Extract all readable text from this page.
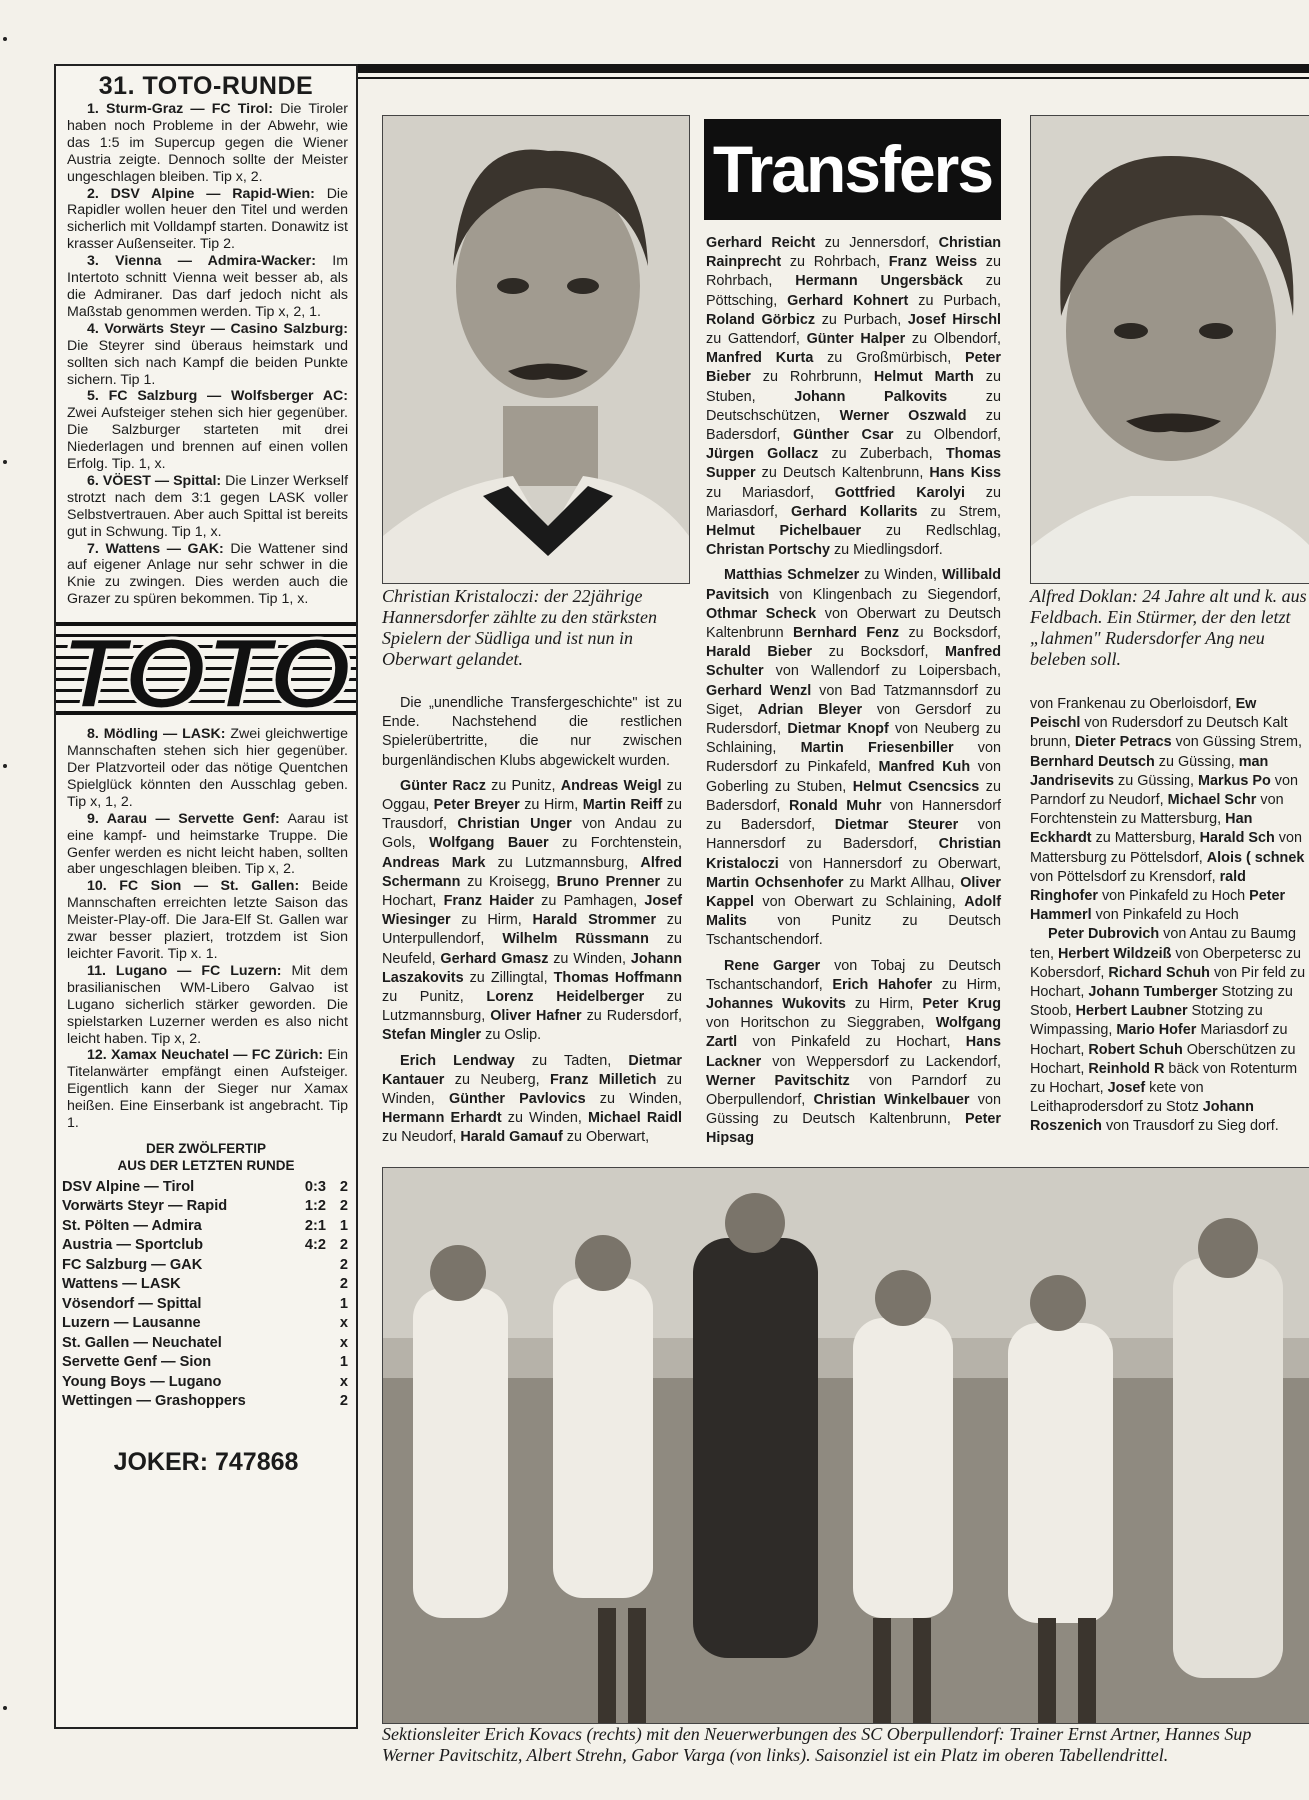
31. TOTO-RUNDE

1. Sturm-Graz — FC Tirol: Die Tiroler haben noch Probleme in der Abwehr, wie das 1:5 im Supercup gegen die Wiener Austria zeigte. Dennoch sollte der Meister ungeschlagen bleiben. Tip x, 2.

2. DSV Alpine — Rapid-Wien: Die Rapidler wollen heuer den Titel und werden sicherlich mit Volldampf starten. Donawitz ist krasser Außenseiter. Tip 2.

3. Vienna — Admira-Wacker: Im Intertoto schnitt Vienna weit besser ab, als die Admiraner. Das darf jedoch nicht als Maßstab genommen werden. Tip x, 2, 1.

4. Vorwärts Steyr — Casino Salzburg: Die Steyrer sind überaus heimstark und sollten sich nach Kampf die beiden Punkte sichern. Tip 1.

5. FC Salzburg — Wolfsberger AC: Zwei Aufsteiger stehen sich hier gegenüber. Die Salzburger starteten mit drei Niederlagen und brennen auf einen vollen Erfolg. Tip. 1, x.

6. VÖEST — Spittal: Die Linzer Werkself strotzt nach dem 3:1 gegen LASK voller Selbstvertrauen. Aber auch Spittal ist bereits gut in Schwung. Tip 1, x.

7. Wattens — GAK: Die Wattener sind auf eigener Anlage nur sehr schwer in die Knie zu zwingen. Dies werden auch die Grazer zu spüren bekommen. Tip 1, x.

TOTO

8. Mödling — LASK: Zwei gleichwertige Mannschaften stehen sich hier gegenüber. Der Platzvorteil oder das nötige Quentchen Spielglück könnten den Ausschlag geben. Tip x, 1, 2.

9. Aarau — Servette Genf: Aarau ist eine kampf- und heimstarke Truppe. Die Genfer werden es nicht leicht haben, sollten aber ungeschlagen bleiben. Tip x, 2.

10. FC Sion — St. Gallen: Beide Mannschaften erreichten letzte Saison das Meister-Play-off. Die Jara-Elf St. Gallen war zwar besser plaziert, trotzdem ist Sion leichter Favorit. Tip x. 1.

11. Lugano — FC Luzern: Mit dem brasilianischen WM-Libero Galvao ist Lugano sicherlich stärker geworden. Die spielstarken Luzerner werden es also nicht leicht haben. Tip x, 2.

12. Xamax Neuchatel — FC Zürich: Ein Titelanwärter empfängt einen Aufsteiger. Eigentlich kann der Sieger nur Xamax heißen. Eine Einserbank ist angebracht. Tip 1.

DER ZWÖLFERTIP
AUS DER LETZTEN RUNDE
DSV Alpine — Tirol	0:3	2
Vorwärts Steyr — Rapid	1:2	2
St. Pölten — Admira	2:1	1
Austria — Sportclub	4:2	2
FC Salzburg — GAK		2
Wattens — LASK		2
Vösendorf — Spittal		1
Luzern — Lausanne		x
St. Gallen — Neuchatel		x
Servette Genf — Sion		1
Young Boys — Lugano		x
Wettingen — Grashoppers		2
JOKER: 747868
Transfers
Christian Kristaloczi: der 22jährige Hannersdorfer zählte zu den stärksten Spielern der Südliga und ist nun in Oberwart gelandet.
Alfred Doklan: 24 Jahre alt und k. aus Feldbach. Ein Stürmer, der den letzt „lahmen" Rudersdorfer Ang neu beleben soll.

Die „unendliche Transfergeschichte" ist zu Ende. Nachstehend die restlichen Spielerübertritte, die nur zwischen burgenländischen Klubs abgewickelt wurden.

Günter Racz zu Punitz, Andreas Weigl zu Oggau, Peter Breyer zu Hirm, Martin Reiff zu Trausdorf, Christian Unger von Andau zu Gols, Wolfgang Bauer zu Forchtenstein, Andreas Mark zu Lutzmannsburg, Alfred Schermann zu Kroisegg, Bruno Prenner zu Hochart, Franz Haider zu Pamhagen, Josef Wiesinger zu Hirm, Harald Strommer zu Unterpullendorf, Wilhelm Rüssmann zu Neufeld, Gerhard Gmasz zu Winden, Johann Laszakovits zu Zillingtal, Thomas Hoffmann zu Punitz, Lorenz Heidelberger zu Lutzmannsburg, Oliver Hafner zu Rudersdorf, Stefan Mingler zu Oslip.

Erich Lendway zu Tadten, Dietmar Kantauer zu Neuberg, Franz Milletich zu Winden, Günther Pavlovics zu Winden, Hermann Erhardt zu Winden, Michael Raidl zu Neudorf, Harald Gamauf zu Oberwart,

Gerhard Reicht zu Jennersdorf, Christian Rainprecht zu Rohrbach, Franz Weiss zu Rohrbach, Hermann Ungersbäck zu Pöttsching, Gerhard Kohnert zu Purbach, Roland Görbicz zu Purbach, Josef Hirschl zu Gattendorf, Günter Halper zu Olbendorf, Manfred Kurta zu Großmürbisch, Peter Bieber zu Rohrbrunn, Helmut Marth zu Stuben, Johann Palkovits zu Deutschschützen, Werner Oszwald zu Badersdorf, Günther Csar zu Olbendorf, Jürgen Gollacz zu Zuberbach, Thomas Supper zu Deutsch Kaltenbrunn, Hans Kiss zu Mariasdorf, Gottfried Karolyi zu Mariasdorf, Gerhard Kollarits zu Strem, Helmut Pichelbauer zu Redlschlag, Christan Portschy zu Miedlingsdorf.

Matthias Schmelzer zu Winden, Willibald Pavitsich von Klingenbach zu Siegendorf, Othmar Scheck von Oberwart zu Deutsch Kaltenbrunn Bernhard Fenz zu Bocksdorf, Harald Bieber zu Bocksdorf, Manfred Schulter von Wallendorf zu Loipersbach, Gerhard Wenzl von Bad Tatzmannsdorf zu Siget, Adrian Bleyer von Gersdorf zu Rudersdorf, Dietmar Knopf von Neuberg zu Schlaining, Martin Friesenbiller von Rudersdorf zu Pinkafeld, Manfred Kuh von Goberling zu Stuben, Helmut Csencsics zu Badersdorf, Ronald Muhr von Hannersdorf zu Badersdorf, Dietmar Steurer von Hannersdorf zu Badersdorf, Christian Kristaloczi von Hannersdorf zu Oberwart, Martin Ochsenhofer zu Markt Allhau, Oliver Kappel von Oberwart zu Schlaining, Adolf Malits von Punitz zu Deutsch Tschantschendorf.

Rene Garger von Tobaj zu Deutsch Tschantschandorf, Erich Hahofer zu Hirm, Johannes Wukovits zu Hirm, Peter Krug von Horitschon zu Sieggraben, Wolfgang Zartl von Pinkafeld zu Hochart, Hans Lackner von Weppersdorf zu Lackendorf, Werner Pavitschitz von Parndorf zu Oberpullendorf, Christian Winkelbauer von Güssing zu Deutsch Kaltenbrunn, Peter Hipsag

von Frankenau zu Oberloisdorf, Ew Peischl von Rudersdorf zu Deutsch Kalt brunn, Dieter Petracs von Güssing Strem, Bernhard Deutsch zu Güssing, man Jandrisevits zu Güssing, Markus Po von Parndorf zu Neudorf, Michael Schr von Forchtenstein zu Mattersburg, Han Eckhardt zu Mattersburg, Harald Sch von Mattersburg zu Pöttelsdorf, Alois ( schnek von Pöttelsdorf zu Krensdorf, rald Ringhofer von Pinkafeld zu Hoch Peter Hammerl von Pinkafeld zu Hoch

Peter Dubrovich von Antau zu Baumg ten, Herbert Wildzeiß von Oberpetersc zu Kobersdorf, Richard Schuh von Pir feld zu Hochart, Johann Tumberger Stotzing zu Stoob, Herbert Laubner Stotzing zu Wimpassing, Mario Hofer Mariasdorf zu Hochart, Robert Schuh Oberschützen zu Hochart, Reinhold R bäck von Rotenturm zu Hochart, Josef kete von Leithaprodersdorf zu Stotz Johann Roszenich von Trausdorf zu Sieg dorf.

Sektionsleiter Erich Kovacs (rechts) mit den Neuerwerbungen des SC Oberpullendorf: Trainer Ernst Artner, Hannes Sup
Werner Pavitschitz, Albert Strehn, Gabor Varga (von links). Saisonziel ist ein Platz im oberen Tabellendrittel.
